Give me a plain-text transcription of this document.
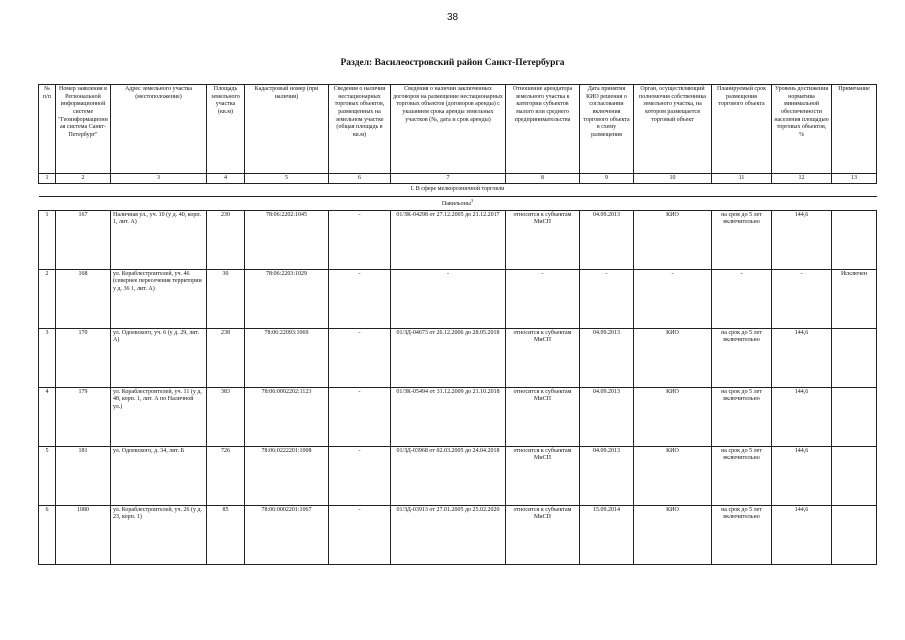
38
Раздел: Василеостровский район Санкт-Петербурга
№ п/п	Номер заявления в Региональной информационной системе "Геоинформационная система Санкт-Петербург"	Адрес земельного участка (местоположение)	Площадь земельного участка (кв.м)	Кадастровый номер (при наличии)	Сведения о наличии нестационарных торговых объектов, размещенных на земельном участке (общая площадь в кв.м)	Сведения о наличии заключенных договоров на размещение нестационарных торговых объектов (договоров аренды) с указанием срока аренды земельных участков (№, дата и срок аренды)	Отношение арендатора земельного участка к категории субъектов малого или среднего предпринимательства	Дата принятия КИО решения о согласовании включения торгового объекта в схему размещения	Орган, осуществляющий полномочия собственника земельного участка, на котором размещается торговый объект	Планируемый срок размещения торгового объекта	Уровень достижения норматива минимальной обеспеченности населения площадью торговых объектов, %	Примечание
1	2	3	4	5	6	7	8	9	10	11	12	13
I. В сфере мелкорозничной торговли												
Павильоны$^3$
1	167	Наличная ул., уч. 10 (у д. 40, корп. 1, лит. А)	230	78:06:2202:1045	-	01/ЗК-04298 от 27.12.2005 до 21.12.2017	относится к субъектам МиСП	04.09.2013	КИО	на срок до 5 лет включительно	144,6	
2	168	ул. Кораблестроителей, уч. 46 (севернее пересечения территории у д. 36 1, лит. А)	30	78:06:2203:1029	-	-	-	-	-	-	-	Исключен
3	170	ул. Одоевского, уч. 6 (у д. 29, лит. А)	238	78:06:22093:1069	-	01/ЗД-04673 от 26.12.2006 до 28.05.2018	относится к субъектам МиСП	04.09.2013	КИО	на срок до 5 лет включительно	144,6	
4	179	ул. Кораблестроителей, уч. 11 (у д. 48, корп. 1, лит. А по Наличной ул.)	383	78:06:0002202:1123	-	01/ЗК-05494 от 31.12.2009 до 21.10.2018	относится к субъектам МиСП	04.09.2013	КИО	на срок до 5 лет включительно	144,6	
5	181	ул. Одоевского, д. 34, лит. Б	726	78:06:0222201:1008	-	01/ЗД-03968 от 02.03.2005 до 24.04.2018	относится к субъектам МиСП	04.09.2013	КИО	на срок до 5 лет включительно	144,6	
6	1080	ул. Кораблестроителей, уч. 26 (у д. 23, корп. 1)	85	78:06:0002201:1067	-	01/ЗД-03913 от 27.01.2005 до 25.02.2020	относится к субъектам МиСП	15.09.2014	КИО	на срок до 5 лет включительно	144,6	
